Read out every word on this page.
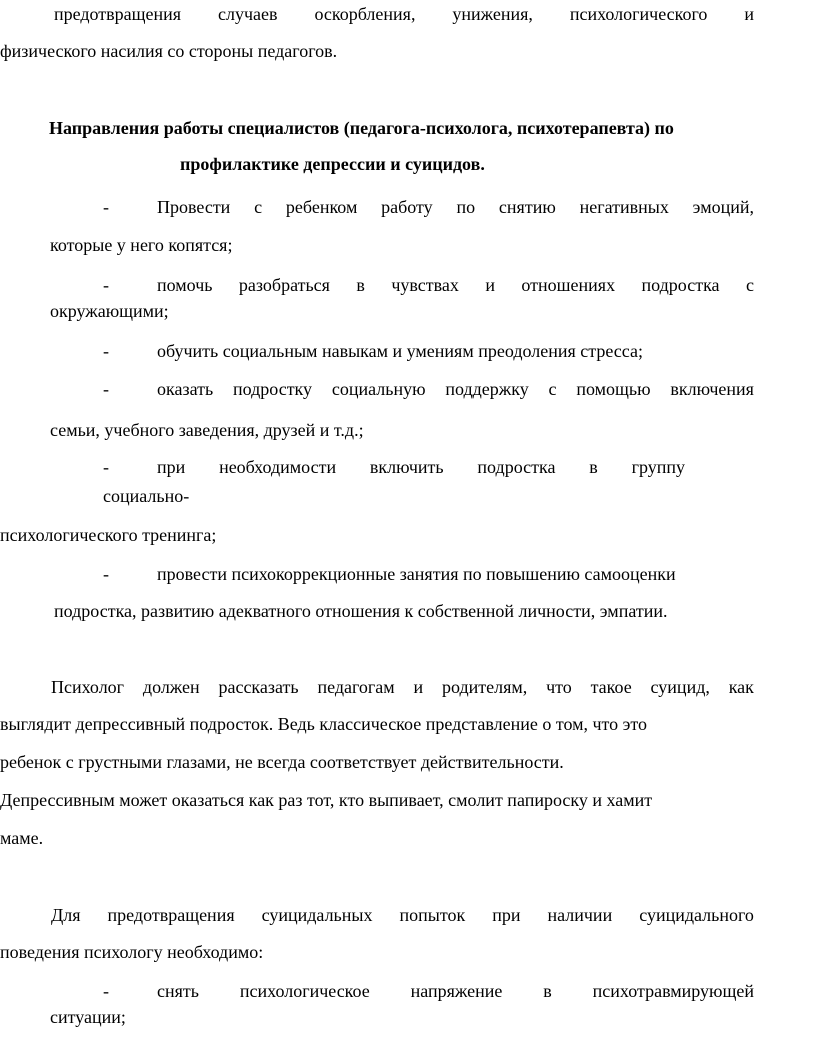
предотвращения случаев оскорбления, унижения, психологического и
физического насилия со стороны педагогов.
Направления работы специалистов (педагога-психолога, психотерапевта) по
профилактике депрессии и суицидов.
-	Провести с ребенком работу по снятию негативных эмоций,
которые у него копятся;
-	помочь разобраться в чувствах и отношениях подростка с
окружающими;
-	обучить социальным навыкам и умениям преодоления стресса;
-	оказать подростку социальную поддержку с помощью включения
семьи, учебного заведения, друзей и т.д.;
-	при необходимости включить подростка в группу
социально-
психологического тренинга;
-	провести психокоррекционные занятия по повышению самооценки
подростка, развитию адекватного отношения к собственной личности, эмпатии.
Психолог должен рассказать педагогам и родителям, что такое суицид, как
выглядит депрессивный подросток. Ведь классическое представление о том, что это
ребенок с грустными глазами, не всегда соответствует действительности.
Депрессивным может оказаться как раз тот, кто выпивает, смолит папироску и хамит
маме.
Для предотвращения суицидальных попыток при наличии суицидального
поведения психологу необходимо:
-	снять психологическое напряжение в психотравмирующей
ситуации;
